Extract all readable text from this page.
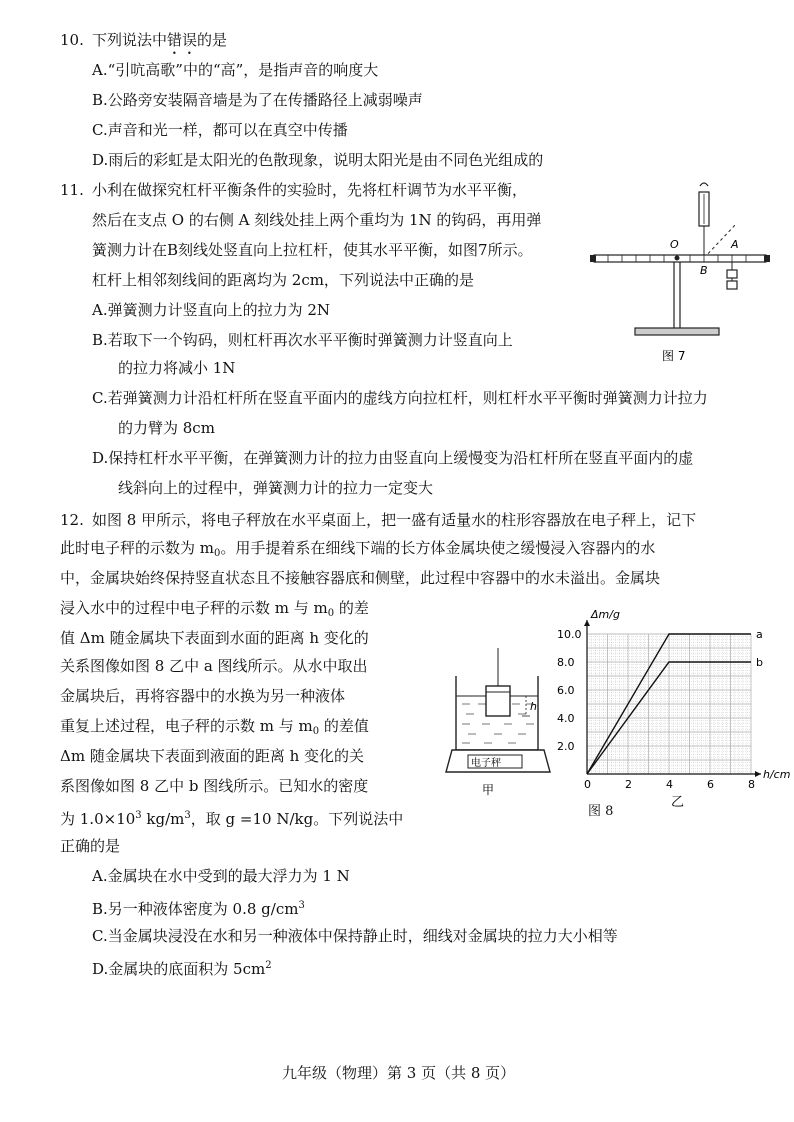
10. 下列说法中错误的是
A.“引吭高歌”中的“高”，是指声音的响度大
B.公路旁安装隔音墙是为了在传播路径上减弱噪声
C.声音和光一样，都可以在真空中传播
D.雨后的彩虹是太阳光的色散现象，说明太阳光是由不同色光组成的
11. 小利在做探究杠杆平衡条件的实验时，先将杠杆调节为水平平衡，
然后在支点 O 的右侧 A 刻线处挂上两个重均为 1N 的钩码，再用弹
簧测力计在B刻线处竖直向上拉杠杆，使其水平平衡，如图7所示。
杠杆上相邻刻线间的距离均为 2cm，下列说法中正确的是
A.弹簧测力计竖直向上的拉力为 2N
B.若取下一个钩码，则杠杆再次水平平衡时弹簧测力计竖直向上
的拉力将减小 1N
C.若弹簧测力计沿杠杆所在竖直平面内的虚线方向拉杠杆，则杠杆水平平衡时弹簧测力计拉力
的力臂为 8cm
D.保持杠杆水平平衡，在弹簧测力计的拉力由竖直向上缓慢变为沿杠杆所在竖直平面内的虚
线斜向上的过程中，弹簧测力计的拉力一定变大
O	A
B
图 7
12. 如图 8 甲所示，将电子秤放在水平桌面上，把一盛有适量水的柱形容器放在电子秤上，记下
此时电子秤的示数为 $m_0$。用手提着系在细线下端的长方体金属块使之缓慢浸入容器内的水
中，金属块始终保持竖直状态且不接触容器底和侧壁，此过程中容器中的水未溢出。金属块
浸入水中的过程中电子秤的示数 m 与 $m_0$ 的差
值 Δm 随金属块下表面到水面的距离 h 变化的
关系图像如图 8 乙中 a 图线所示。从水中取出
金属块后，再将容器中的水换为另一种液体
重复上述过程，电子秤的示数 m 与 $m_0$ 的差值
Δm 随金属块下表面到液面的距离 h 变化的关
系图像如图 8 乙中 b 图线所示。已知水的密度
为 $1.0\times 10^3$ $kg/m^3$，取 g =10 N/kg。下列说法中
正确的是
A.金属块在水中受到的最大浮力为 1 N
B.另一种液体密度为 0.8 $g/cm^3$
C.当金属块浸没在水和另一种液体中保持静止时，细线对金属块的拉力大小相等
D.金属块的底面积为 $5cm^2$
h
电子秤
甲	0	2	4	6	8
2.0
4.0
6.0
8.0
10.0
h/cm
Δm/g
a
b
乙
图 8
九年级（物理）第 3 页（共 8 页）
